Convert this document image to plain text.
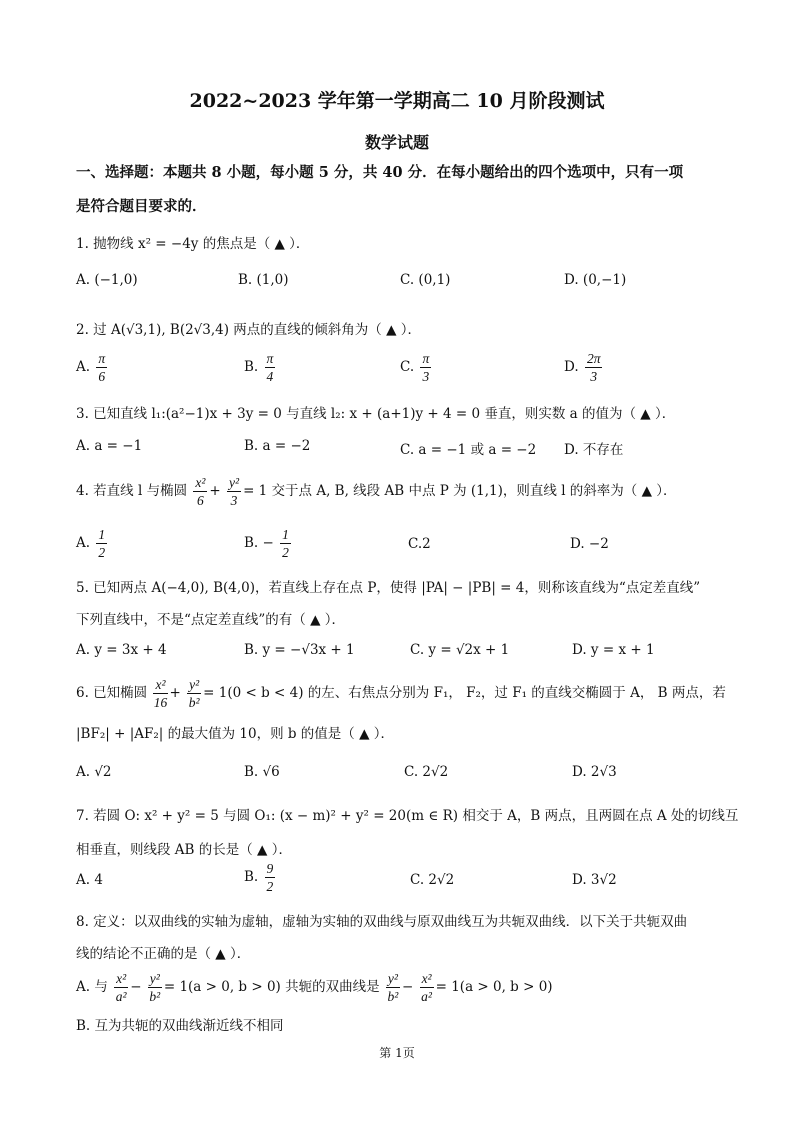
2022~2023 学年第一学期高二 10 月阶段测试
数学试题
一、选择题：本题共 8 小题，每小题 5 分，共 40 分．在每小题给出的四个选项中，只有一项
是符合题目要求的．
1. 抛物线 x² = −4y 的焦点是（ ▲ ）．
A. (−1,0)	B. (1,0)	C. (0,1)	D. (0,−1)
2. 过 A(√3,1), B(2√3,4) 两点的直线的倾斜角为（ ▲ ）．
A. $\frac{\pi}{6}$	B. $\frac{\pi}{4}$	C. $\frac{\pi}{3}$	D. $\frac{2\pi}{3}$
3. 已知直线 l₁:(a²−1)x + 3y = 0 与直线 l₂: x + (a+1)y + 4 = 0 垂直，则实数 a 的值为（ ▲ ）．
A. a = −1	B. a = −2	C. a = −1 或 a = −2 D. 不存在
4. 若直线 l 与椭圆 $\frac{\text{x²}}{6} + \frac{\text{y²}}{3} = 1$ 交于点 A, B, 线段 AB 中点 P 为 (1,1)，则直线 l 的斜率为（ ▲ ）．
A. $\frac{1}{2}$	B. − $\frac{1}{2}$	C.2	D. −2
5. 已知两点 A(−4,0), B(4,0)，若直线上存在点 P，使得 |PA| − |PB| = 4，则称该直线为“点定差直线”
下列直线中，不是“点定差直线”的有（ ▲ ）．
A. y = 3x + 4	B. y = −√3x + 1	C. y = √2x + 1	D. y = x + 1
6. 已知椭圆 $\frac{\text{x²}}{16} + \frac{\text{y²}}{\text{b²}} = 1(0 < b < 4)$ 的左、右焦点分别为 F₁， F₂，过 F₁ 的直线交椭圆于 A， B 两点，若
|BF₂| + |AF₂| 的最大值为 10，则 b 的值是（ ▲ ）．
A. √2	B. √6	C. 2√2	D. 2√3
7. 若圆 O: x² + y² = 5 与圆 O₁: (x − m)² + y² = 20(m ∈ R) 相交于 A，B 两点，且两圆在点 A 处的切线互
相垂直，则线段 AB 的长是（ ▲ ）．
A. 4	B. $\frac{9}{2}$	C. 2√2	D. 3√2
8. 定义：以双曲线的实轴为虚轴，虚轴为实轴的双曲线与原双曲线互为共轭双曲线．以下关于共轭双曲
线的结论不正确的是（ ▲ ）．
A. 与 $\frac{\text{x²}}{\text{a²}} - \frac{\text{y²}}{\text{b²}} = 1(a > 0$, b > 0) 共轭的双曲线是 $\frac{\text{y²}}{\text{b²}} - \frac{\text{x²}}{\text{a²}} = 1(a > 0$, b > 0)
B. 互为共轭的双曲线渐近线不相同
第 1页
